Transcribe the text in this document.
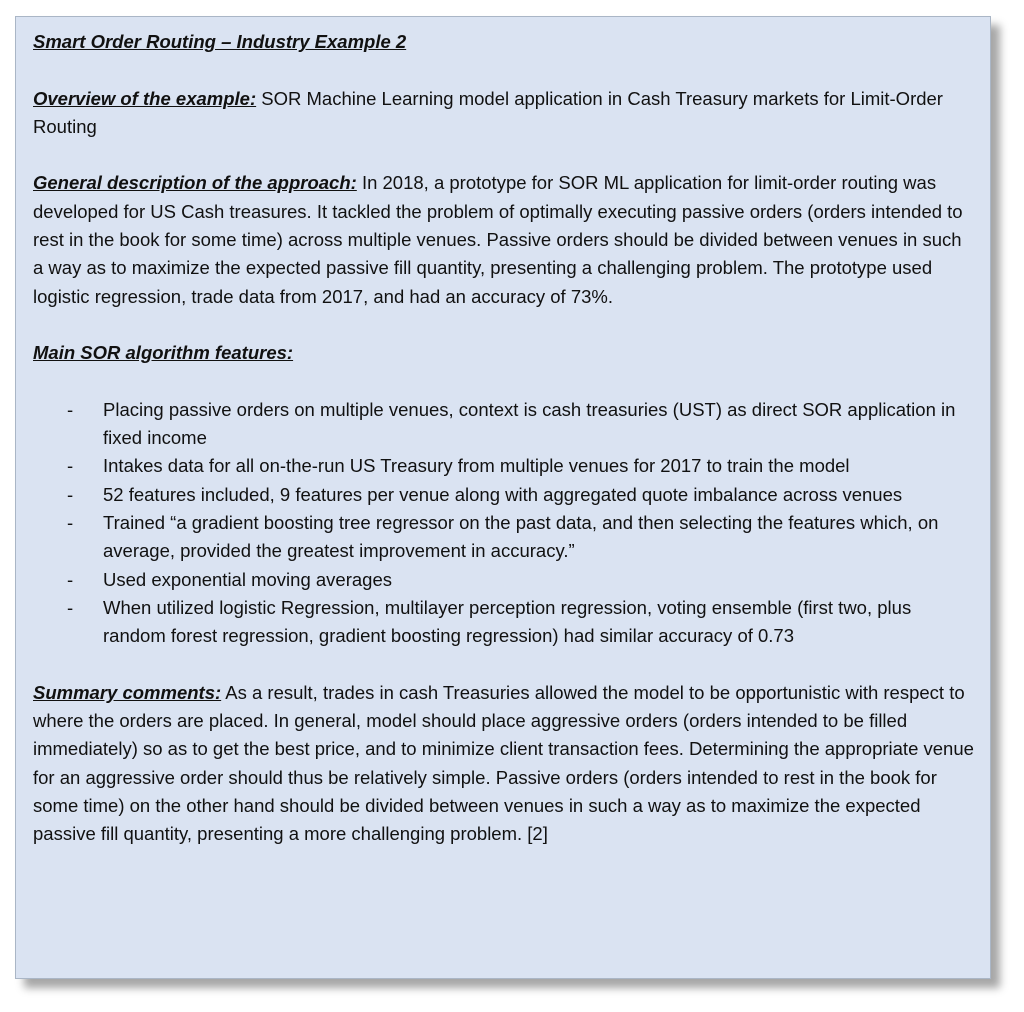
Smart Order Routing – Industry Example 2

Overview of the example: SOR Machine Learning model application in Cash Treasury markets for Limit-Order Routing

General description of the approach: In 2018, a prototype for SOR ML application for limit-order routing was developed for US Cash treasures. It tackled the problem of optimally executing passive orders (orders intended to rest in the book for some time) across multiple venues. Passive orders should be divided between venues in such a way as to maximize the expected passive fill quantity, presenting a challenging problem. The prototype used logistic regression, trade data from 2017, and had an accuracy of 73%.

Main SOR algorithm features:

- Placing passive orders on multiple venues, context is cash treasuries (UST) as direct SOR application in fixed income
- Intakes data for all on-the-run US Treasury from multiple venues for 2017 to train the model
- 52 features included, 9 features per venue along with aggregated quote imbalance across venues
- Trained “a gradient boosting tree regressor on the past data, and then selecting the features which, on average, provided the greatest improvement in accuracy.”
- Used exponential moving averages
- When utilized logistic Regression, multilayer perception regression, voting ensemble (first two, plus random forest regression, gradient boosting regression) had similar accuracy of 0.73

Summary comments: As a result, trades in cash Treasuries allowed the model to be opportunistic with respect to where the orders are placed. In general, model should place aggressive orders (orders intended to be filled immediately) so as to get the best price, and to minimize client transaction fees. Determining the appropriate venue for an aggressive order should thus be relatively simple. Passive orders (orders intended to rest in the book for some time) on the other hand should be divided between venues in such a way as to maximize the expected passive fill quantity, presenting a more challenging problem. [2]
